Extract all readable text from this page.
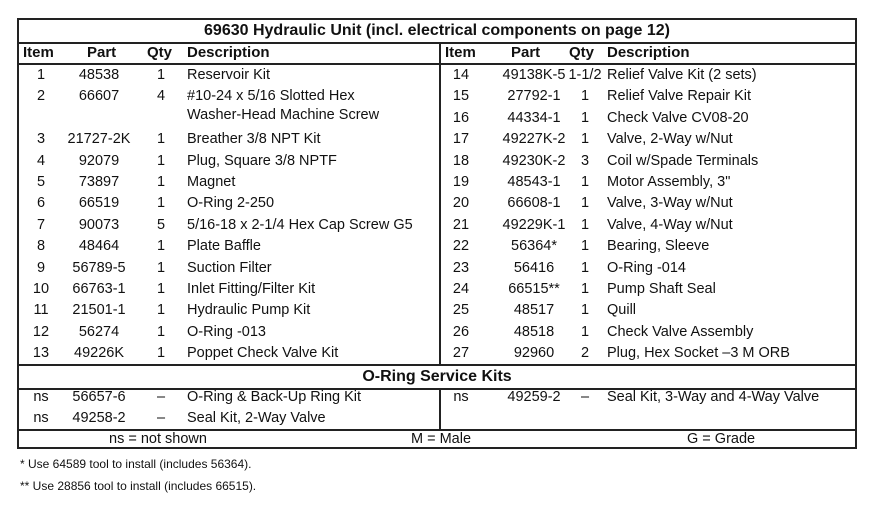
69630 Hydraulic Unit (incl. electrical components on page 12)
Item Part Qty Description	Item Part Qty Description
1	48538	1	Reservoir Kit
2	66607	4	#10-24 x 5/16 Slotted Hex
Washer-Head Machine Screw
3	21727-2K	1	Breather 3/8 NPT Kit
4	92079	1	Plug, Square 3/8 NPTF
5	73897	1	Magnet
6	66519	1	O-Ring 2-250
7	90073	5	5/16-18 x 2-1/4 Hex Cap Screw G5
8	48464	1	Plate Baffle
9	56789-5	1	Suction Filter
10	66763-1	1	Inlet Fitting/Filter Kit
11	21501-1	1	Hydraulic Pump Kit
12	56274	1	O-Ring -013
13	49226K	1	Poppet Check Valve Kit
14	49138K-5 1-1/2 Relief Valve Kit (2 sets)
15	27792-1	1	Relief Valve Repair Kit
16	44334-1	1	Check Valve CV08-20
17	49227K-2	1	Valve, 2-Way w/Nut
18	49230K-2	3	Coil w/Spade Terminals
19	48543-1	1	Motor Assembly, 3"
20	66608-1	1	Valve, 3-Way w/Nut
21	49229K-1	1	Valve, 4-Way w/Nut
22	56364*	1	Bearing, Sleeve
23	56416	1	O-Ring -014
24	66515**	1	Pump Shaft Seal
25	48517	1	Quill
26	48518	1	Check Valve Assembly
27	92960	2	Plug, Hex Socket –3 M ORB
O-Ring Service Kits
ns	56657-6	–	O-Ring & Back-Up Ring Kit
ns	49258-2	–	Seal Kit, 2-Way Valve
ns	49259-2	–	Seal Kit, 3-Way and 4-Way Valve
ns = not shown	M = Male	G = Grade
* Use 64589 tool to install (includes 56364).
** Use 28856 tool to install (includes 66515).
